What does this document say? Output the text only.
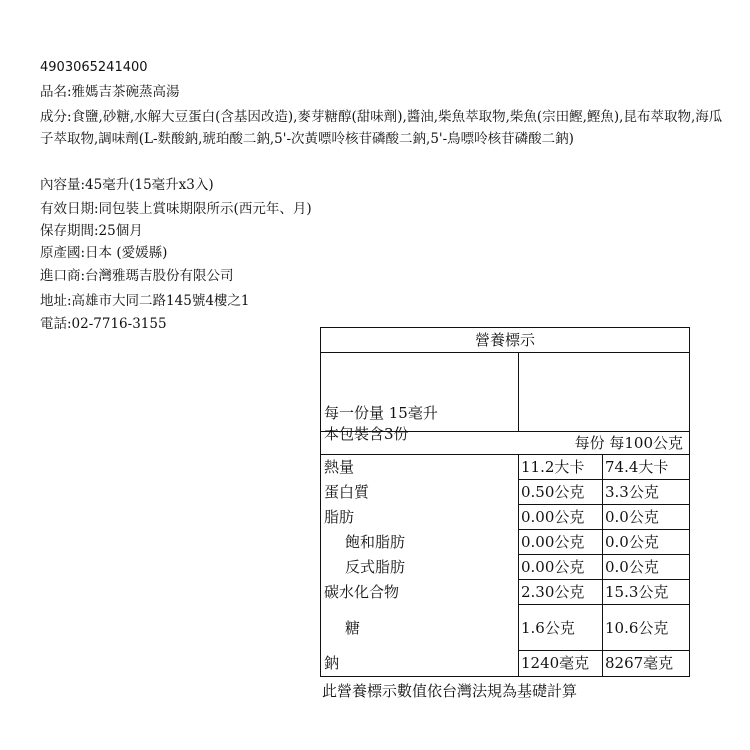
4903065241400
品名:雅媽吉茶碗蒸高湯
成分:食鹽,砂糖,水解大豆蛋白(含基因改造),麥芽糖醇(甜味劑),醬油,柴魚萃取物,柴魚(宗田鰹,鰹魚),昆布萃取物,海瓜子萃取物,調味劑(L-麩酸鈉,琥珀酸二鈉,5'-次黃嘌呤核苷磷酸二鈉,5'-鳥嘌呤核苷磷酸二鈉)
內容量:45毫升(15毫升x3入)
有效日期:同包裝上賞味期限所示(西元年、月)
保存期間:25個月
原產國:日本 (愛媛縣)
進口商:台灣雅瑪吉股份有限公司
地址:高雄市大同二路145號4樓之1
電話:02-7716-3155
營養標示
每一份量 15毫升
本包裝含3份	每份 每100公克
熱量	11.2大卡	74.4大卡
蛋白質	0.50公克	3.3公克
脂肪	0.00公克	0.0公克
飽和脂肪	0.00公克	0.0公克
反式脂肪	0.00公克	0.0公克
碳水化合物	2.30公克	15.3公克
糖	1.6公克	10.6公克
鈉	1240毫克	8267毫克
此營養標示數值依台灣法規為基礎計算
